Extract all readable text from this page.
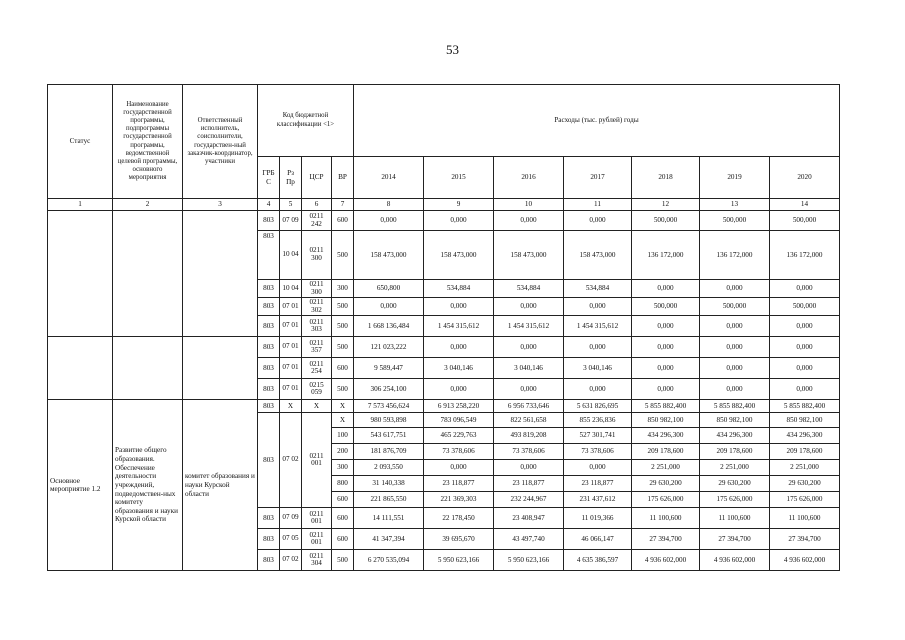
53
Статус	Наименование государственной программы, подпрограммы государственной программы, ведомственной целевой программы, основного мероприятия	Ответственный исполнитель, соисполнители, государствен-ный заказчик-координатор, участники	Код бюджетной классификации <1>				Расходы (тыс. рублей) годы						
			ГРБ С	Рз Пр	ЦСР	ВР	2014	2015	2016	2017	2018	2019	2020
1	2	3	4	5	6	7	8	9	10	11	12	13	14
			803	07 09	0211 242	600	0,000	0,000	0,000	0,000	500,000	500,000	500,000
			803	10 04	0211 300	500	158 473,000	158 473,000	158 473,000	158 473,000	136 172,000	136 172,000	136 172,000
			803	10 04	0211 300	300	650,800	534,884	534,884	534,884	0,000	0,000	0,000
			803	07 01	0211 302	500	0,000	0,000	0,000	0,000	500,000	500,000	500,000
			803	07 01	0211 303	500	1 668 136,484	1 454 315,612	1 454 315,612	1 454 315,612	0,000	0,000	0,000
			803	07 01	0211 357	500	121 023,222	0,000	0,000	0,000	0,000	0,000	0,000
			803	07 01	0211 254	600	9 589,447	3 040,146	3 040,146	3 040,146	0,000	0,000	0,000
			803	07 01	0215 059	500	306 254,100	0,000	0,000	0,000	0,000	0,000	0,000
Основное мероприятие 1.2	Развитие общего образования. Обеспечение деятельности учреждений, подведомствен-ных комитету образования и науки Курской области	комитет образования и науки Курской области	803	X	X	X	7 573 456,624	6 913 258,220	6 956 733,646	5 631 826,695	5 855 882,400	5 855 882,400	5 855 882,400
			803	07 02	0211 001	X	980 593,898	783 096,549	822 561,658	855 236,836	850 982,100	850 982,100	850 982,100
						100	543 617,751	465 229,763	493 819,208	527 301,741	434 296,300	434 296,300	434 296,300
						200	181 876,709	73 378,606	73 378,606	73 378,606	209 178,600	209 178,600	209 178,600
						300	2 093,550	0,000	0,000	0,000	2 251,000	2 251,000	2 251,000
						800	31 140,338	23 118,877	23 118,877	23 118,877	29 630,200	29 630,200	29 630,200
						600	221 865,550	221 369,303	232 244,967	231 437,612	175 626,000	175 626,000	175 626,000
			803	07 09	0211 001	600	14 111,551	22 178,450	23 408,947	11 019,366	11 100,600	11 100,600	11 100,600
			803	07 05	0211 001	600	41 347,394	39 695,670	43 497,740	46 066,147	27 394,700	27 394,700	27 394,700
			803	07 02	0211 304	500	6 270 535,094	5 950 623,166	5 950 623,166	4 635 386,597	4 936 602,000	4 936 602,000	4 936 602,000
